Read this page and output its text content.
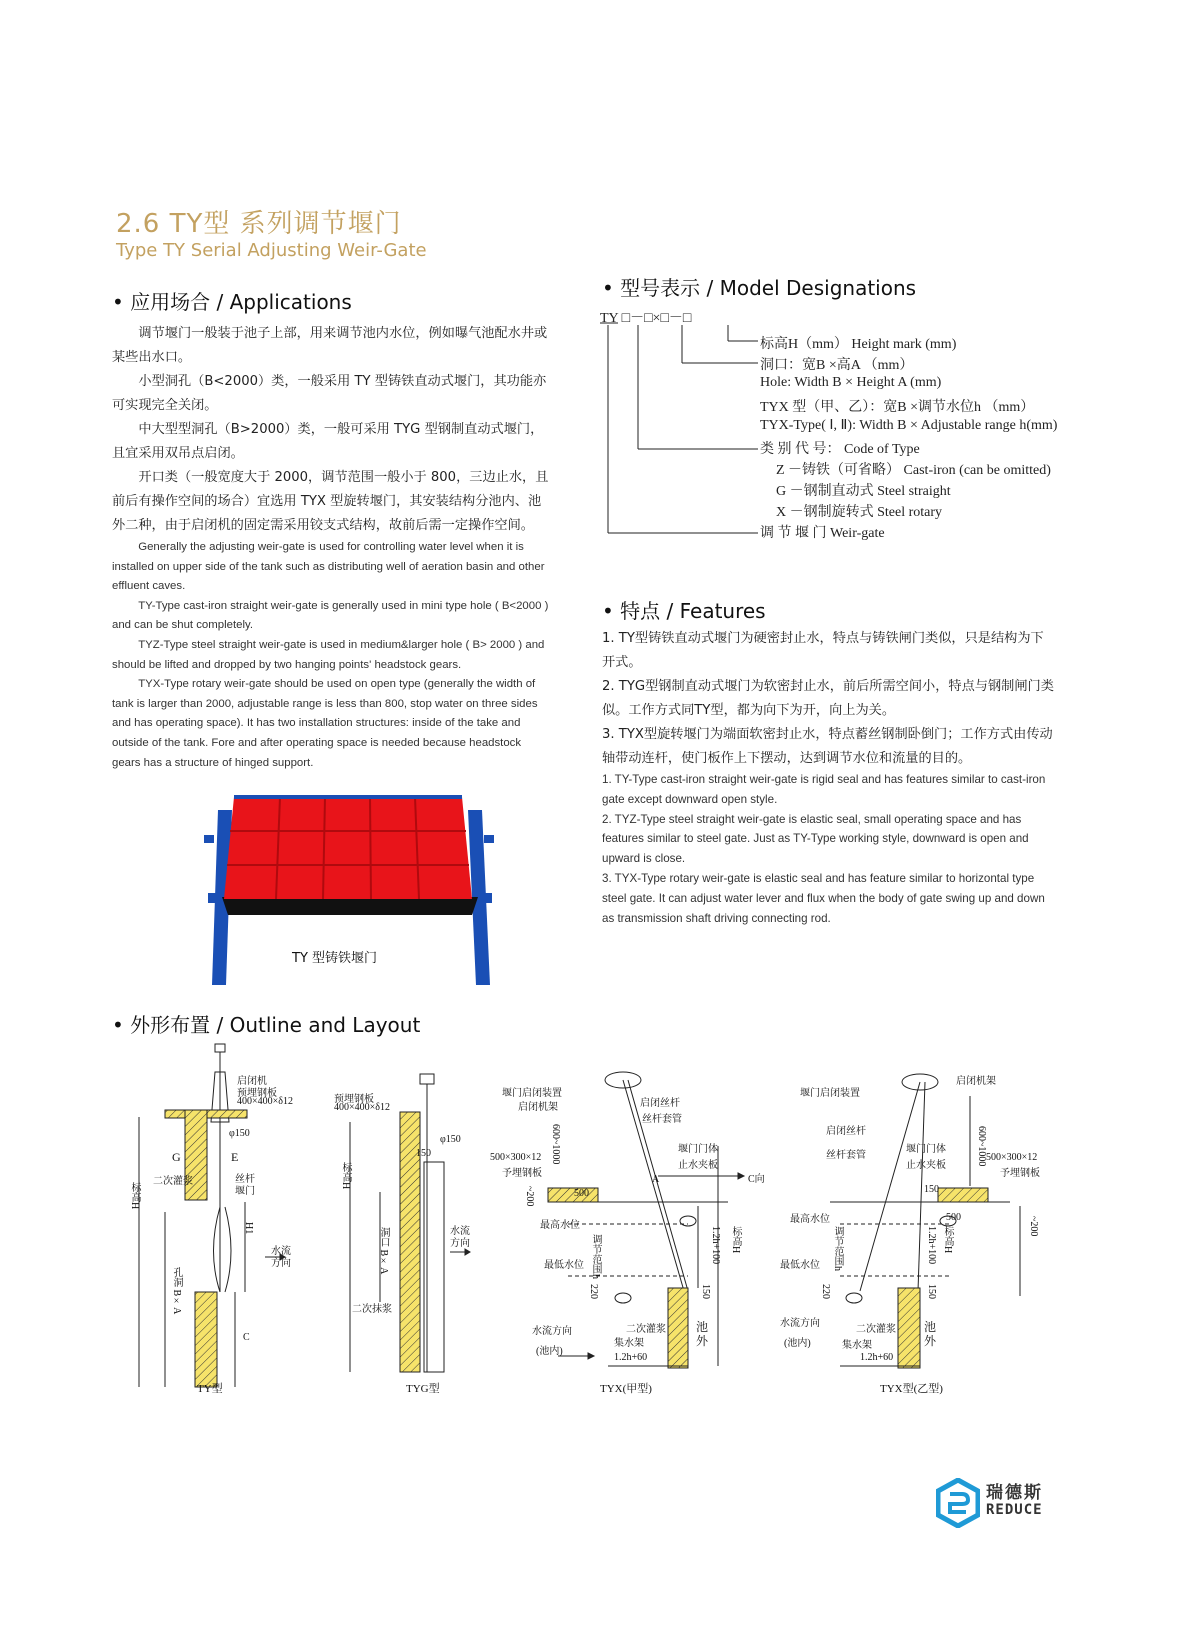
2.6 TY型 系列调节堰门
Type TY Serial Adjusting Weir-Gate
• 应用场合 / Applications

调节堰门一般装于池子上部，用来调节池内水位，例如曝气池配水井或某些出水口。

小型洞孔（B<2000）类，一般采用 TY 型铸铁直动式堰门，其功能亦可实现完全关闭。

中大型型洞孔（B>2000）类，一般可采用 TYG 型钢制直动式堰门，且宜采用双吊点启闭。

开口类（一般宽度大于 2000，调节范围一般小于 800，三边止水，且前后有操作空间的场合）宜选用 TYX 型旋转堰门，其安装结构分池内、池外二种，由于启闭机的固定需采用铰支式结构，故前后需一定操作空间。

Generally the adjusting weir-gate is used for controlling water level when it is installed on upper side of the tank such as distributing well of aeration basin and other effluent caves.

TY-Type cast-iron straight weir-gate is generally used in mini type hole ( B<2000 ) and can be shut completely.

TYZ-Type steel straight weir-gate is used in medium&larger hole ( B> 2000 ) and should be lifted and dropped by two hanging points' headstock gears.

TYX-Type rotary weir-gate should be used on open type (generally the width of tank is larger than 2000, adjustable range is less than 800, stop water on three sides and has operating space). It has two installation structures: inside of the take and outside of the tank. Fore and after operating space is needed because headstock gears has a structure of hinged support.

TY 型铸铁堰门
• 型号表示 / Model Designations
TY □－□×□－□
标高H（mm） Height mark (mm)
洞口：宽B ×高A （mm）
Hole: Width B × Height A (mm)
TYX 型（甲、乙）：宽B ×调节水位h （mm）
TYX-Type( Ⅰ, Ⅱ): Width B × Adjustable range h(mm)
类 别 代 号： Code of Type
Z －铸铁（可省略） Cast-iron (can be omitted)
G －钢制直动式 Steel straight
X －钢制旋转式 Steel rotary
调 节 堰 门 Weir-gate
• 特点 / Features

1. TY型铸铁直动式堰门为硬密封止水，特点与铸铁闸门类似，只是结构为下开式。

2. TYG型钢制直动式堰门为软密封止水，前后所需空间小，特点与钢制闸门类似。工作方式同TY型，都为向下为开，向上为关。

3. TYX型旋转堰门为端面软密封止水，特点蓄丝钢制卧倒门；工作方式由传动轴带动连杆，使门板作上下摆动，达到调节水位和流量的目的。

1. TY-Type cast-iron straight weir-gate is rigid seal and has features similar to cast-iron gate except downward open style.

2. TYZ-Type steel straight weir-gate is elastic seal, small operating space and has features similar to steel gate. Just as TY-Type working style, downward is open and upward is close.

3. TYX-Type rotary weir-gate is elastic seal and has feature similar to horizontal type steel gate. It can adjust water lever and flux when the body of gate swing up and down as transmission shaft driving connecting rod.

• 外形布置 / Outline and Layout
启闭机
预埋钢板
400×400×δ12
φ150
G	E
二次灌浆	丝杆
堰门
标高H
H1
孔洞 B×A
水流
方向
C
TY型
预埋钢板
400×400×δ12
φ150
150
标高H
洞口 B×A	水流
方向
二次抹浆
TYG型
堰门启闭装置
启闭机架	启闭丝杆
丝杆套管
500×300×12
予埋钢板
600~1000
~200	500
堰门门体
止水夹板
A	C向
最高水位
调节范围h
最低水位
1.2h+100 标高H
220	150
水流方向
(池内)
二次灌浆
集水架
池
外
1.2h+60
TYX(甲型)
堰门启闭装置
启闭机架
启闭丝杆
丝杆套管
堰门门体
止水夹板	600~1000 500×300×12
予埋钢板
150
500
最高水位
调节范围h
最低水位
1.2h+100 标高H	~200
220	150
水流方向
(池内)
二次灌浆
集水架
池
外
1.2h+60
TYX型(乙型)
瑞德斯
REDUCE
